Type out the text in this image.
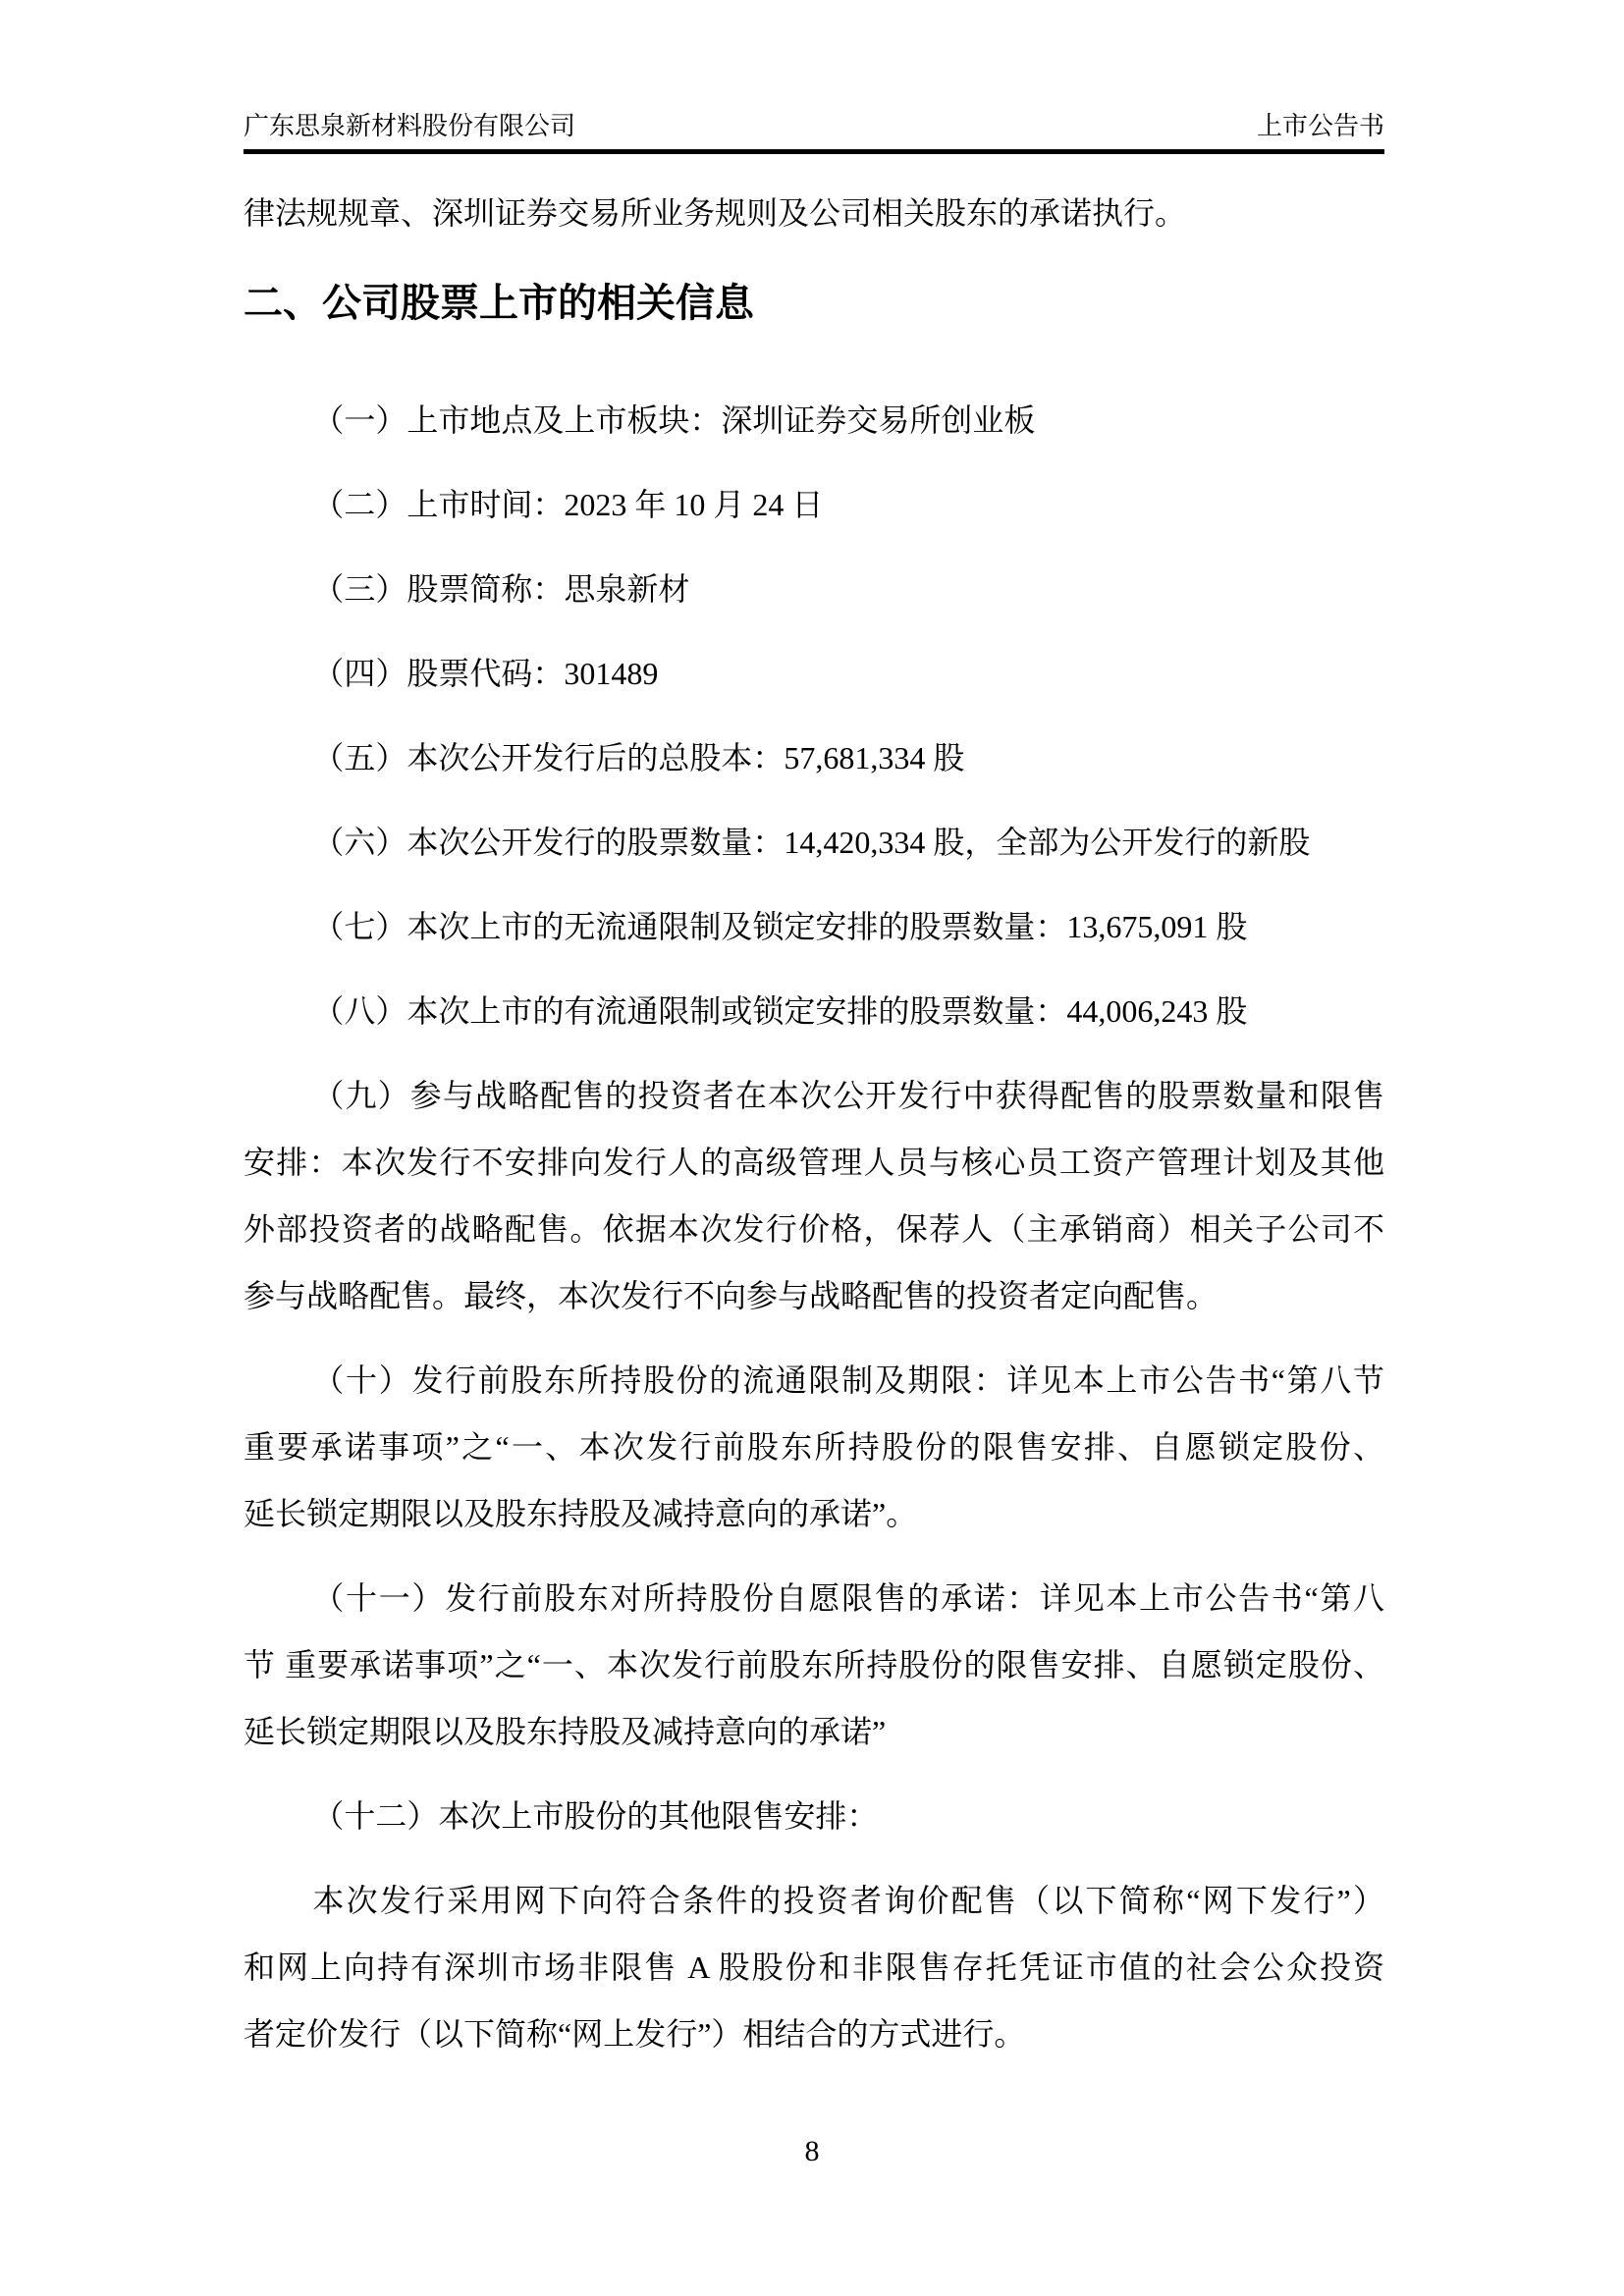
广东思泉新材料股份有限公司	上市公告书
律法规规章、深圳证券交易所业务规则及公司相关股东的承诺执行。
二、公司股票上市的相关信息
（一）上市地点及上市板块：深圳证券交易所创业板
（二）上市时间：2023 年 10 月 24 日
（三）股票简称：思泉新材
（四）股票代码：301489
（五）本次公开发行后的总股本：57,681,334 股
（六）本次公开发行的股票数量：14,420,334 股，全部为公开发行的新股
（七）本次上市的无流通限制及锁定安排的股票数量：13,675,091 股
（八）本次上市的有流通限制或锁定安排的股票数量：44,006,243 股
（九）参与战略配售的投资者在本次公开发行中获得配售的股票数量和限售
安排：本次发行不安排向发行人的高级管理人员与核心员工资产管理计划及其他
外部投资者的战略配售。依据本次发行价格，保荐人（主承销商）相关子公司不
参与战略配售。最终，本次发行不向参与战略配售的投资者定向配售。
（十）发行前股东所持股份的流通限制及期限：详见本上市公告书“第八节
重要承诺事项”之“一、本次发行前股东所持股份的限售安排、自愿锁定股份、
延长锁定期限以及股东持股及减持意向的承诺”。
（十一）发行前股东对所持股份自愿限售的承诺：详见本上市公告书“第八
节 重要承诺事项”之“一、本次发行前股东所持股份的限售安排、自愿锁定股份、
延长锁定期限以及股东持股及减持意向的承诺”
（十二）本次上市股份的其他限售安排：
本次发行采用网下向符合条件的投资者询价配售（以下简称“网下发行”）
和网上向持有深圳市场非限售 A 股股份和非限售存托凭证市值的社会公众投资
者定价发行（以下简称“网上发行”）相结合的方式进行。
8
